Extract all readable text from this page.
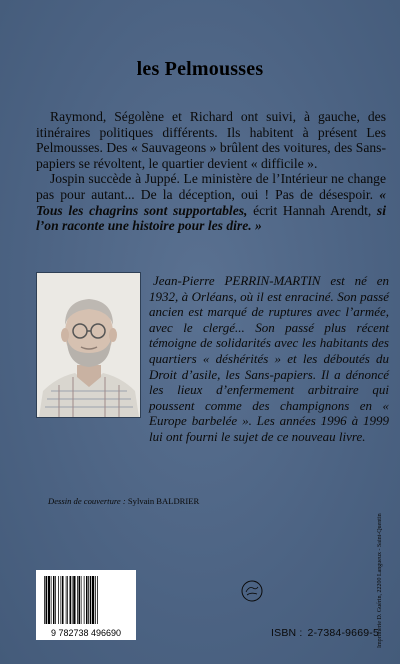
les Pelmousses

Raymond, Ségolène et Richard ont suivi, à gauche, des itinéraires politiques différents. Ils habitent à présent Les Pelmousses. Des « Sauvageons » brûlent des voitures, des Sans-papiers se révoltent, le quartier devient « difficile ».

Jospin succède à Juppé. Le ministère de l’Intérieur ne change pas pour autant... De la déception, oui ! Pas de désespoir. « Tous les chagrins sont supportables, écrit Hannah Arendt, si l’on raconte une histoire pour les dire. »

Jean-Pierre PERRIN-MARTIN est né en 1932, à Orléans, où il est enraciné. Son passé ancien est marqué de ruptures avec l’armée, avec le clergé... Son passé plus récent témoigne de solidarités avec les habitants des quartiers « déshérités » et les déboutés du Droit d’asile, les Sans-papiers. Il a dénoncé les lieux d’enfermement arbitraire qui poussent comme des champignons en « Europe barbelée ». Les années 1996 à 1999 lui ont fourni le sujet de ce nouveau livre.

Dessin de couverture : Sylvain BALDRIER
Imprimerie D. Guérin, 22200 Langueux - Saint-Quentin
9 782738 496690	ISBN : 2-7384-9669-5
